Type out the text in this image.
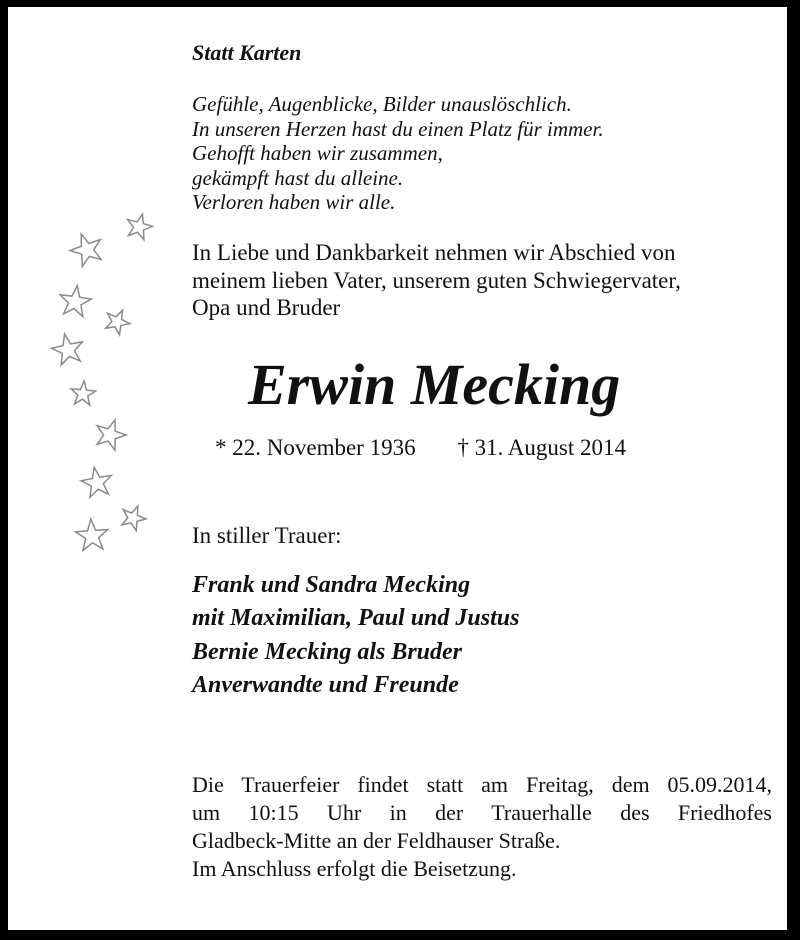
Statt Karten
Gefühle, Augenblicke, Bilder unauslöschlich.
In unseren Herzen hast du einen Platz für immer.
Gehofft haben wir zusammen,
gekämpft hast du alleine.
Verloren haben wir alle.
In Liebe und Dankbarkeit nehmen wir Abschied von
meinem lieben Vater, unserem guten Schwiegervater,
Opa und Bruder
Erwin Mecking
* 22. November 1936 † 31. August 2014
In stiller Trauer:
Frank und Sandra Mecking
mit Maximilian, Paul und Justus
Bernie Mecking als Bruder
Anverwandte und Freunde
Die Trauerfeier findet statt am Freitag, dem 05.09.2014,
um 10:15 Uhr in der Trauerhalle des Friedhofes
Gladbeck-Mitte an der Feldhauser Straße.
Im Anschluss erfolgt die Beisetzung.
